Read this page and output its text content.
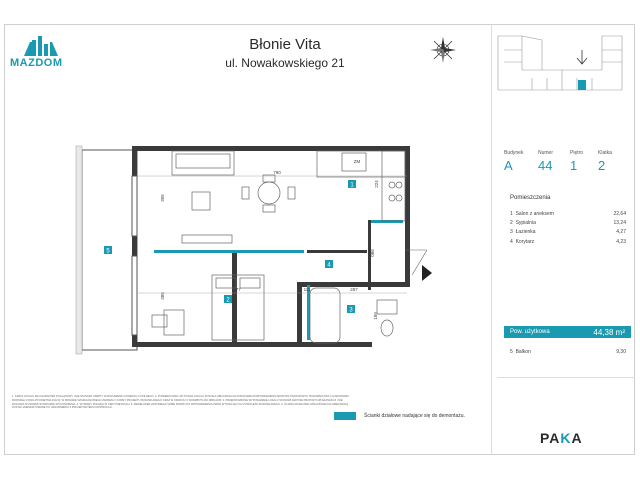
MAZDOM
Błonie Vita
ul. Nowakowskiego 21
1
2
3
4
5
790
477	287
305
385
086
111
224
189
ZM
Budynek	Numer	Piętro	Klatka
A	44	1	2
Pomieszczenia
1 Salon z aneksem	22,64
2 Sypialnia	13,24
3 Łazienka	4,27
4 Korytarz	4,23
Pow. użytkowa	44,38 m²
5 Balkon	9,30
1. KARTA LOKALU MA CHARAKTER POGLĄDOWY I NIE STANOWI OFERTY W ROZUMIENIU KODEKSU CYWILNEGO. 2. POWIERZCHNIA UŻYTKOWA LOKALU ZOSTAŁA OBLICZONA NA PODSTAWIE ROZPORZĄDZENIA MINISTRA TRANSPORTU, BUDOWNICTWA I GOSPODARKI MORSKIEJ Z DNIA 25 KWIETNIA 2012 R. W SPRAWIE SZCZEGÓŁOWEGO ZAKRESU I FORMY PROJEKTU BUDOWLANEGO ORAZ W OPARCIU O NORMĘ PN-ISO 9836:2015. 3. PRZEDSTAWIONE WYPOSAŻENIE LOKALU STANOWI JEDYNIE PROPOZYCJĘ ARANŻACJI I NIE WCHODZI W ZAKRES STANDARDU WYKOŃCZENIA. 4. WYMIARY PODANO W CENTYMETRACH. 5. DEWELOPER ZASTRZEGA SOBIE PRAWO DO WPROWADZENIA ZMIAN WYNIKAJĄCYCH Z PROCESU BUDOWLANEGO. 6. ŚCIANKI DZIAŁOWE OZNACZONE KOLOREM MOGĄ ZOSTAĆ ZDEMONTOWANE PO UZGODNIENIU Z PROJEKTANTEM KONSTRUKCJI.
Ścianki działowe nadające się do demontażu.
PAKA
